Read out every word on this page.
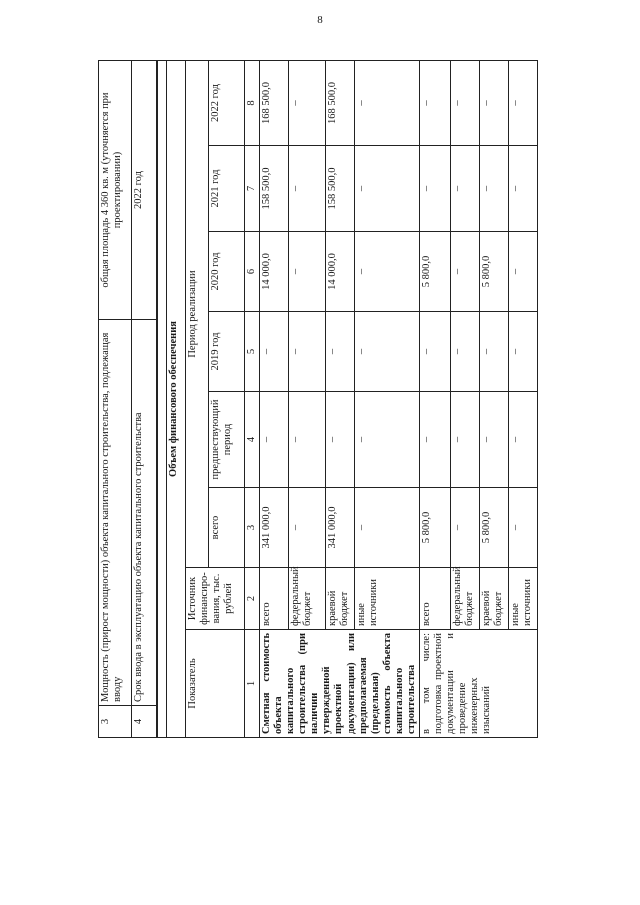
8
3	Мощность (прирост мощности) объекта капитального строительства, подлежащая вводу	общая площадь 4 360 кв. м (уточняется при проектировании)
4	Срок ввода в эксплуатацию объекта капитального строительства	2022 год

Объем финансового обеспечения							
Показатель	Источник финансиро-вания, тыс. рублей	Период реализации					
		всего	предшествующий период	2019 год	2020 год	2021 год	2022 год
1	2	3	4	5	6	7	8
Сметная стоимость объекта капитального строительства (при наличии утвержденной проектной документации) или предполагаемая (предельная) стоимость объекта капитального строительства	всего	341 000,0	–	–	14 000,0	158 500,0	168 500,0
	федеральный бюджет	–	–	–	–	–	–
	краевой бюджет	341 000,0	–	–	14 000,0	158 500,0	168 500,0
	иные источники	–	–	–	–	–	–
в том числе: подготовка проектной документации и проведение инженерных изысканий	всего	5 800,0	–	–	5 800,0	–	–
	федеральный бюджет	–	–	–	–	–	–
	краевой бюджет	5 800,0	–	–	5 800,0	–	–
	иные источники	–	–	–	–	–	–
